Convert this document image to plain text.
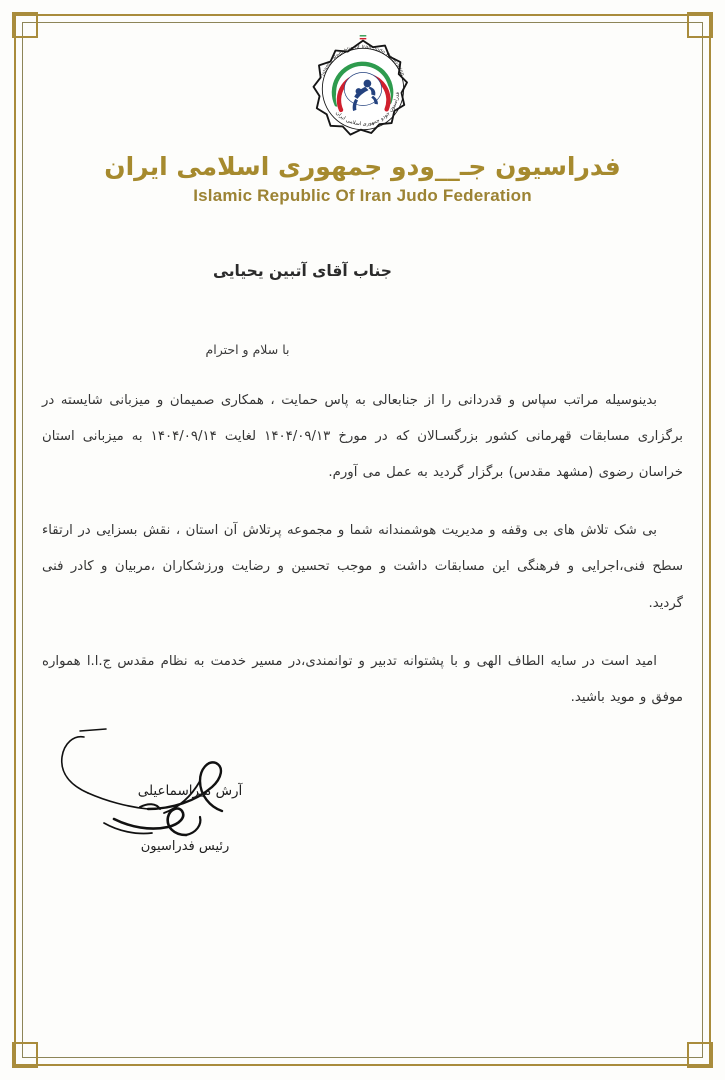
فدراسیون جودو جمهوری اسلامی ایران
Islamic Republic of Iran Judo Federation
فدراسیون جـ__ودو جمهوری اسلامی ایران
Islamic Republic Of Iran Judo Federation
جناب آقای آتبین یحیایی
با سلام و احترام

بدینوسیله مراتب سپاس و قدردانی را از جنابعالی به پاس حمایت ، همکاری صمیمان و میزبانی شایسته در برگزاری مسابقات قهرمانی کشور بزرگسـالان که در مورخ ۱۴۰۴/۰۹/۱۳ لغایت ۱۴۰۴/۰۹/۱۴ به میزبانی استان خراسان رضوی (مشهد مقدس) برگزار گردید به عمل می آورم.

بی شک تلاش های بی وقفه و مدیریت هوشمندانه شما و مجموعه پرتلاش آن استان ، نقش بسزایی در ارتقاء سطح فنی،اجرایی و فرهنگی این مسابقات داشت و موجب تحسین و رضایت ورزشکاران ،مربیان و کادر فنی گردید.

امید است در سایه الطاف الهی و با پشتوانه تدبیر و توانمندی،در مسیر خدمت به نظام مقدس ج.ا.ا همواره موفق و موید باشید.

آرش میراسماعیلی
رئیس فدراسیون
